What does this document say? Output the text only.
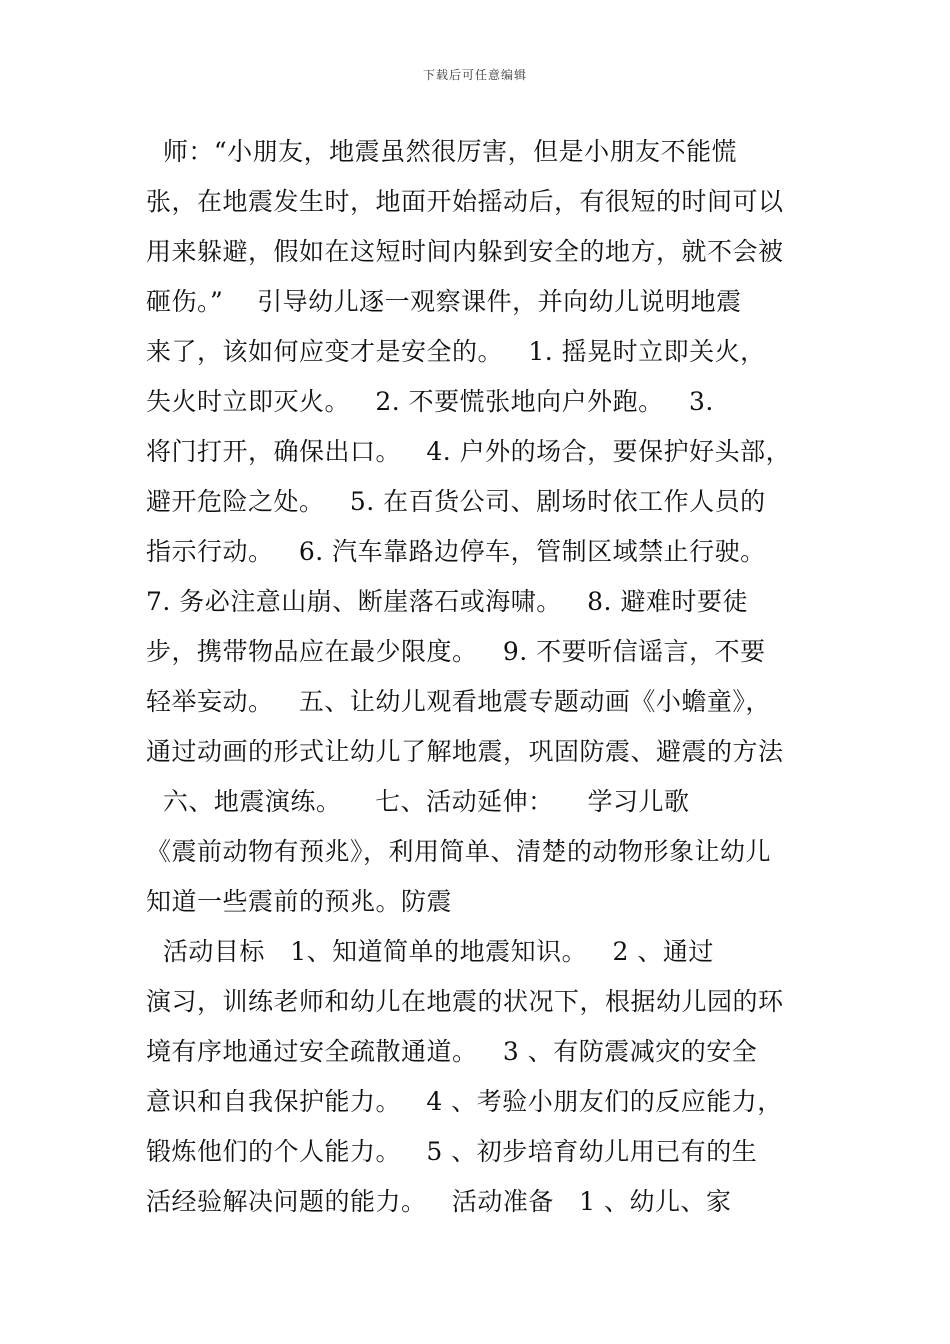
下载后可任意编辑
师：“小朋友，地震虽然很厉害，但是小朋友不能慌
张，在地震发生时，地面开始摇动后，有很短的时间可以
用来躲避，假如在这短时间内躲到安全的地方，就不会被
砸伤。”    引导幼儿逐一观察课件，并向幼儿说明地震
来了，该如何应变才是安全的。   1. 摇晃时立即关火，
失火时立即灭火。   2. 不要慌张地向户外跑。   3.
将门打开，确保出口。   4. 户外的场合，要保护好头部，
避开危险之处。   5. 在百货公司、剧场时依工作人员的
指示行动。   6. 汽车靠路边停车，管制区域禁止行驶。
7. 务必注意山崩、断崖落石或海啸。   8. 避难时要徒
步，携带物品应在最少限度。   9. 不要听信谣言，不要
轻举妄动。   五、让幼儿观看地震专题动画《小蟾童》，
通过动画的形式让幼儿了解地震，巩固防震、避震的方法
六、地震演练。    七、活动延伸：    学习儿歌
《震前动物有预兆》，利用简单、清楚的动物形象让幼儿
知道一些震前的预兆。防震
活动目标   1、知道简单的地震知识。   2 、通过
演习，训练老师和幼儿在地震的状况下，根据幼儿园的环
境有序地通过安全疏散通道。   3 、有防震减灾的安全
意识和自我保护能力。   4 、考验小朋友们的反应能力，
锻炼他们的个人能力。   5 、初步培育幼儿用已有的生
活经验解决问题的能力。   活动准备   1 、幼儿、家
